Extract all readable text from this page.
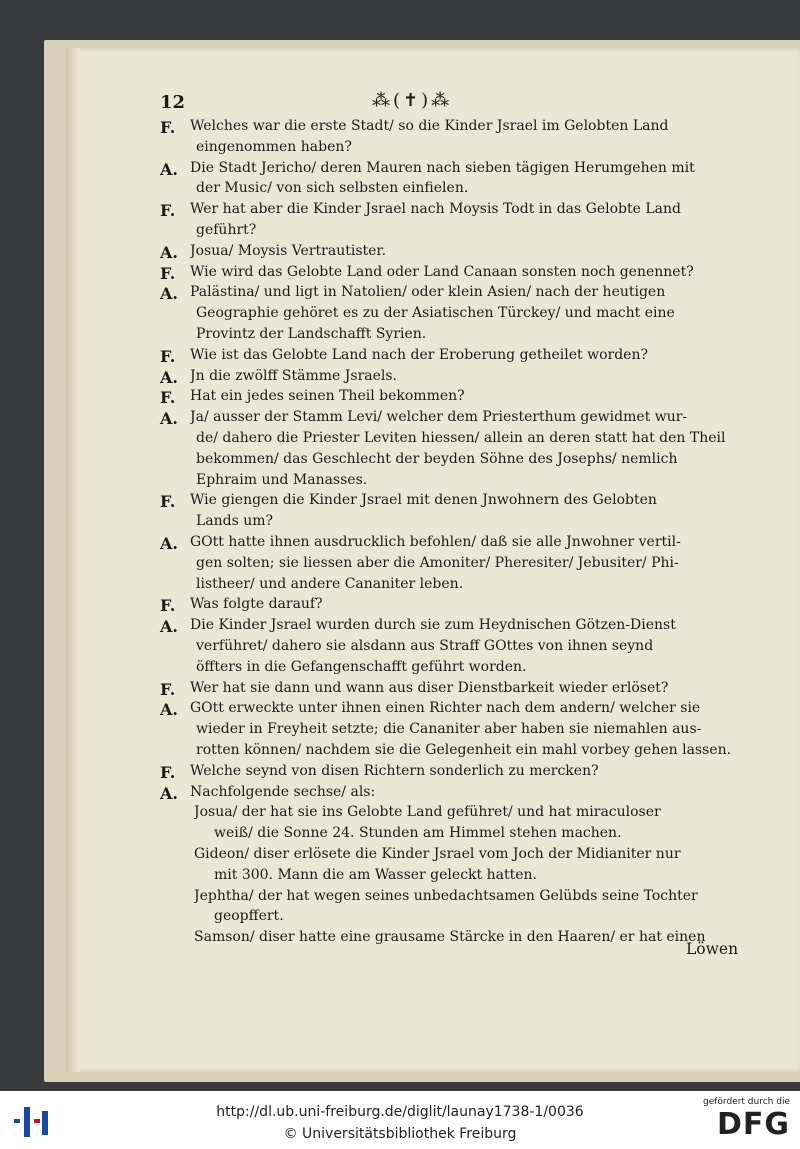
12	⁂(✝)⁂
F. Welches war die erste Stadt/ so die Kinder Jsrael im Gelobten Land
eingenommen haben?
A. Die Stadt Jericho/ deren Mauren nach sieben tägigen Herumgehen mit
der Music/ von sich selbsten einfielen.
F. Wer hat aber die Kinder Jsrael nach Moysis Todt in das Gelobte Land
geführt?
A. Josua/ Moysis Vertrautister.
F. Wie wird das Gelobte Land oder Land Canaan sonsten noch genennet?
A. Palästina/ und ligt in Natolien/ oder klein Asien/ nach der heutigen
Geographie gehöret es zu der Asiatischen Türckey/ und macht eine
Provintz der Landschafft Syrien.
F. Wie ist das Gelobte Land nach der Eroberung getheilet worden?
A. Jn die zwölff Stämme Jsraels.
F. Hat ein jedes seinen Theil bekommen?
A. Ja/ ausser der Stamm Levi/ welcher dem Priesterthum gewidmet wur-
de/ dahero die Priester Leviten hiessen/ allein an deren statt hat den Theil
bekommen/ das Geschlecht der beyden Söhne des Josephs/ nemlich
Ephraim und Manasses.
F. Wie giengen die Kinder Jsrael mit denen Jnwohnern des Gelobten
Lands um?
A. GOtt hatte ihnen ausdrucklich befohlen/ daß sie alle Jnwohner vertil-
gen solten; sie liessen aber die Amoniter/ Pheresiter/ Jebusiter/ Phi-
listheer/ und andere Cananiter leben.
F. Was folgte darauf?
A. Die Kinder Jsrael wurden durch sie zum Heydnischen Götzen-Dienst
verführet/ dahero sie alsdann aus Straff GOttes von ihnen seynd
öffters in die Gefangenschafft geführt worden.
F. Wer hat sie dann und wann aus diser Dienstbarkeit wieder erlöset?
A. GOtt erweckte unter ihnen einen Richter nach dem andern/ welcher sie
wieder in Freyheit setzte; die Cananiter aber haben sie niemahlen aus-
rotten können/ nachdem sie die Gelegenheit ein mahl vorbey gehen lassen.
F. Welche seynd von disen Richtern sonderlich zu mercken?
A. Nachfolgende sechse/ als:
Josua/ der hat sie ins Gelobte Land geführet/ und hat miraculoser
weiß/ die Sonne 24. Stunden am Himmel stehen machen.
Gideon/ diser erlösete die Kinder Jsrael vom Joch der Midianiter nur
mit 300. Mann die am Wasser geleckt hatten.
Jephtha/ der hat wegen seines unbedachtsamen Gelübds seine Tochter
geopffert.
Samson/ diser hatte eine grausame Stärcke in den Haaren/ er hat einen
Löwen
http://dl.ub.uni-freiburg.de/diglit/launay1738-1/0036
© Universitätsbibliothek Freiburg
gefördert durch die
DFG
